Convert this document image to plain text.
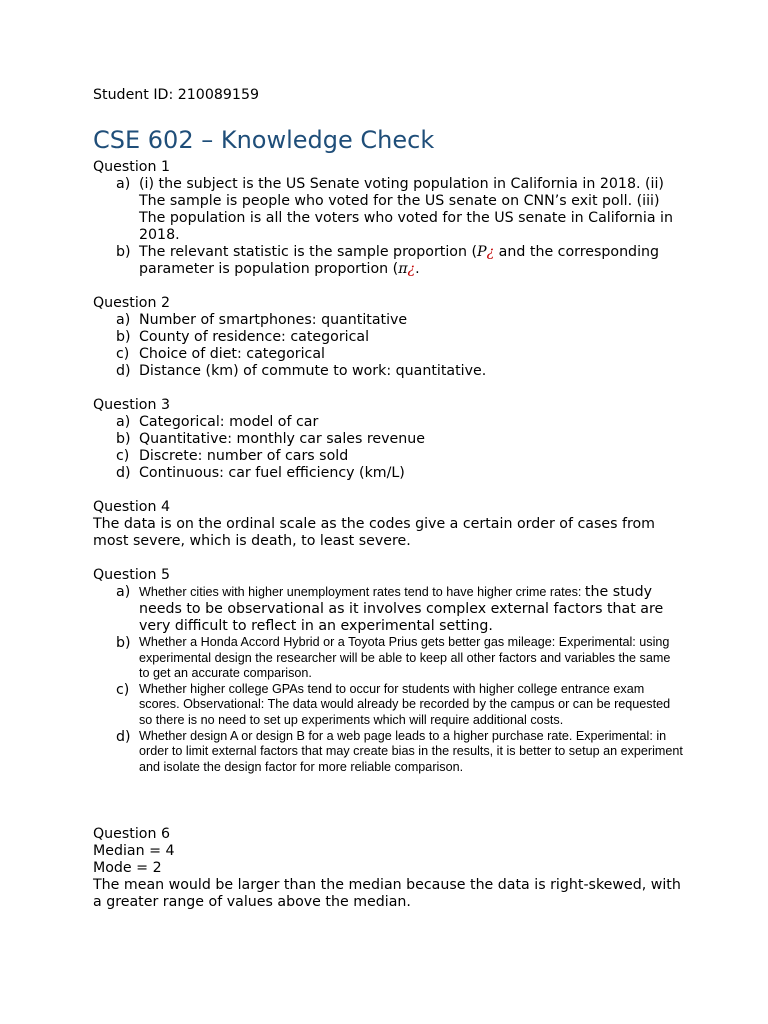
Student ID: 210089159
CSE 602 – Knowledge Check

Question 1

a) (i) the subject is the US Senate voting population in California in 2018. (ii) The sample is people who voted for the US senate on CNN’s exit poll. (iii) The population is all the voters who voted for the US senate in California in 2018.
b) The relevant statistic is the sample proportion (P¿ and the corresponding parameter is population proportion (π¿.

Question 2

a) Number of smartphones: quantitative
b) County of residence: categorical
c) Choice of diet: categorical
d) Distance (km) of commute to work: quantitative.

Question 3

a) Categorical: model of car
b) Quantitative: monthly car sales revenue
c) Discrete: number of cars sold
d) Continuous: car fuel efficiency (km/L)

Question 4

The data is on the ordinal scale as the codes give a certain order of cases from most severe, which is death, to least severe.

Question 5

a) Whether cities with higher unemployment rates tend to have higher crime rates: the study needs to be observational as it involves complex external factors that are very difficult to reflect in an experimental setting.
b) Whether a Honda Accord Hybrid or a Toyota Prius gets better gas mileage: Experimental: using experimental design the researcher will be able to keep all other factors and variables the same to get an accurate comparison.
c) Whether higher college GPAs tend to occur for students with higher college entrance exam scores. Observational: The data would already be recorded by the campus or can be requested so there is no need to set up experiments which will require additional costs.
d) Whether design A or design B for a web page leads to a higher purchase rate. Experimental: in order to limit external factors that may create bias in the results, it is better to setup an experiment and isolate the design factor for more reliable comparison.

Question 6

Median = 4

Mode = 2

The mean would be larger than the median because the data is right-skewed, with a greater range of values above the median.
